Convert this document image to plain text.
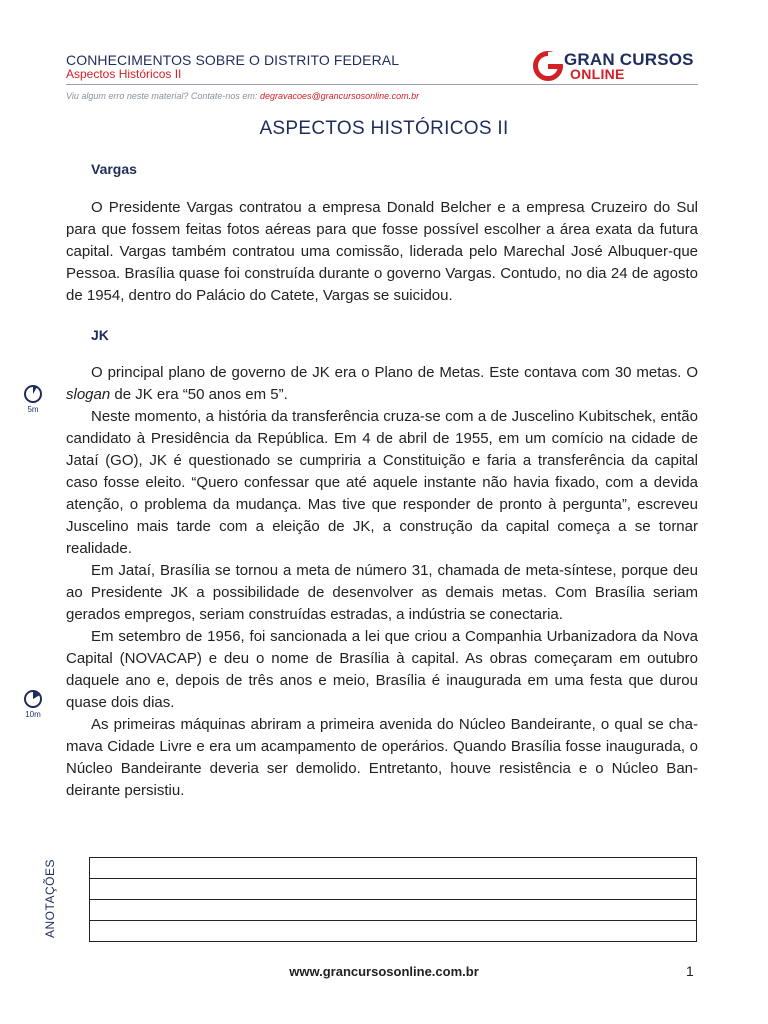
CONHECIMENTOS SOBRE O DISTRITO FEDERAL
Aspectos Históricos II
GRAN CURSOS
ONLINE
Viu algum erro neste material? Contate-nos em: degravacoes@grancursosonline.com.br
ASPECTOS HISTÓRICOS II
Vargas

O Presidente Vargas contratou a empresa Donald Belcher e a empresa Cruzeiro do Sul para que fossem feitas fotos aéreas para que fosse possível escolher a área exata da futura capital. Vargas também contratou uma comissão, liderada pelo Marechal José Albuquer-que Pessoa. Brasília quase foi construída durante o governo Vargas. Contudo, no dia 24 de agosto de 1954, dentro do Palácio do Catete, Vargas se suicidou.

JK

O principal plano de governo de JK era o Plano de Metas. Este contava com 30 metas. O slogan de JK era “50 anos em 5”.

Neste momento, a história da transferência cruza-se com a de Juscelino Kubitschek, então candidato à Presidência da República. Em 4 de abril de 1955, em um comício na cidade de Jataí (GO), JK é questionado se cumpriria a Constituição e faria a transferência da capital caso fosse eleito. “Quero confessar que até aquele instante não havia fixado, com a devida atenção, o problema da mudança. Mas tive que responder de pronto à pergunta”, escreveu Juscelino mais tarde com a eleição de JK, a construção da capital começa a se tornar realidade.

Em Jataí, Brasília se tornou a meta de número 31, chamada de meta-síntese, porque deu ao Presidente JK a possibilidade de desenvolver as demais metas. Com Brasília seriam gerados empregos, seriam construídas estradas, a indústria se conectaria.

Em setembro de 1956, foi sancionada a lei que criou a Companhia Urbanizadora da Nova Capital (NOVACAP) e deu o nome de Brasília à capital. As obras começaram em outubro daquele ano e, depois de três anos e meio, Brasília é inaugurada em uma festa que durou quase dois dias.

As primeiras máquinas abriram a primeira avenida do Núcleo Bandeirante, o qual se cha-mava Cidade Livre e era um acampamento de operários. Quando Brasília fosse inaugurada, o Núcleo Bandeirante deveria ser demolido. Entretanto, houve resistência e o Núcleo Ban-deirante persistiu.

5m
10m
ANOTAÇÕES
www.grancursosonline.com.br	1
